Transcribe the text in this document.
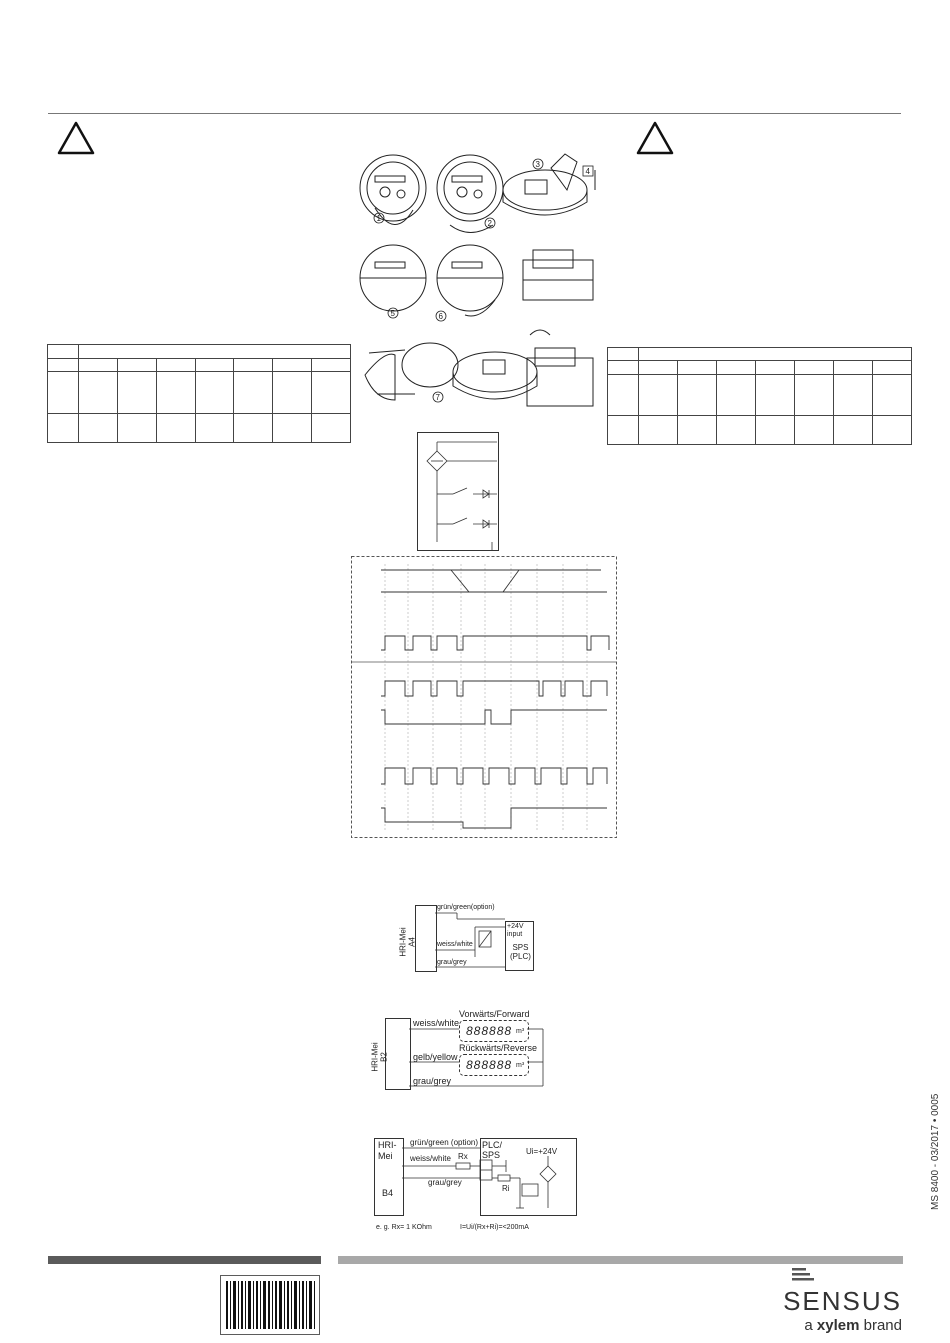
1
2
3
4
5	6
7

HRI-Mei
A4
grün/green(option)
weiss/white
grau/grey
+24V
input
SPS
(PLC)
HRI-Mei
B2
weiss/white
gelb/yellow
grau/grey
Vorwärts/Forward
Rückwärts/Reverse
888888 m³
888888 m³
HRI-
Mei
B4
PLC/
SPS	Ui=+24V
grün/green (option)
weiss/white
grau/grey
Rx
Ri
e. g. Rx= 1 KOhm	I=Ui/(Rx+Ri)=<200mA
MS 8400 - 03/2017 • 0005
SENSUS
a xylem brand
